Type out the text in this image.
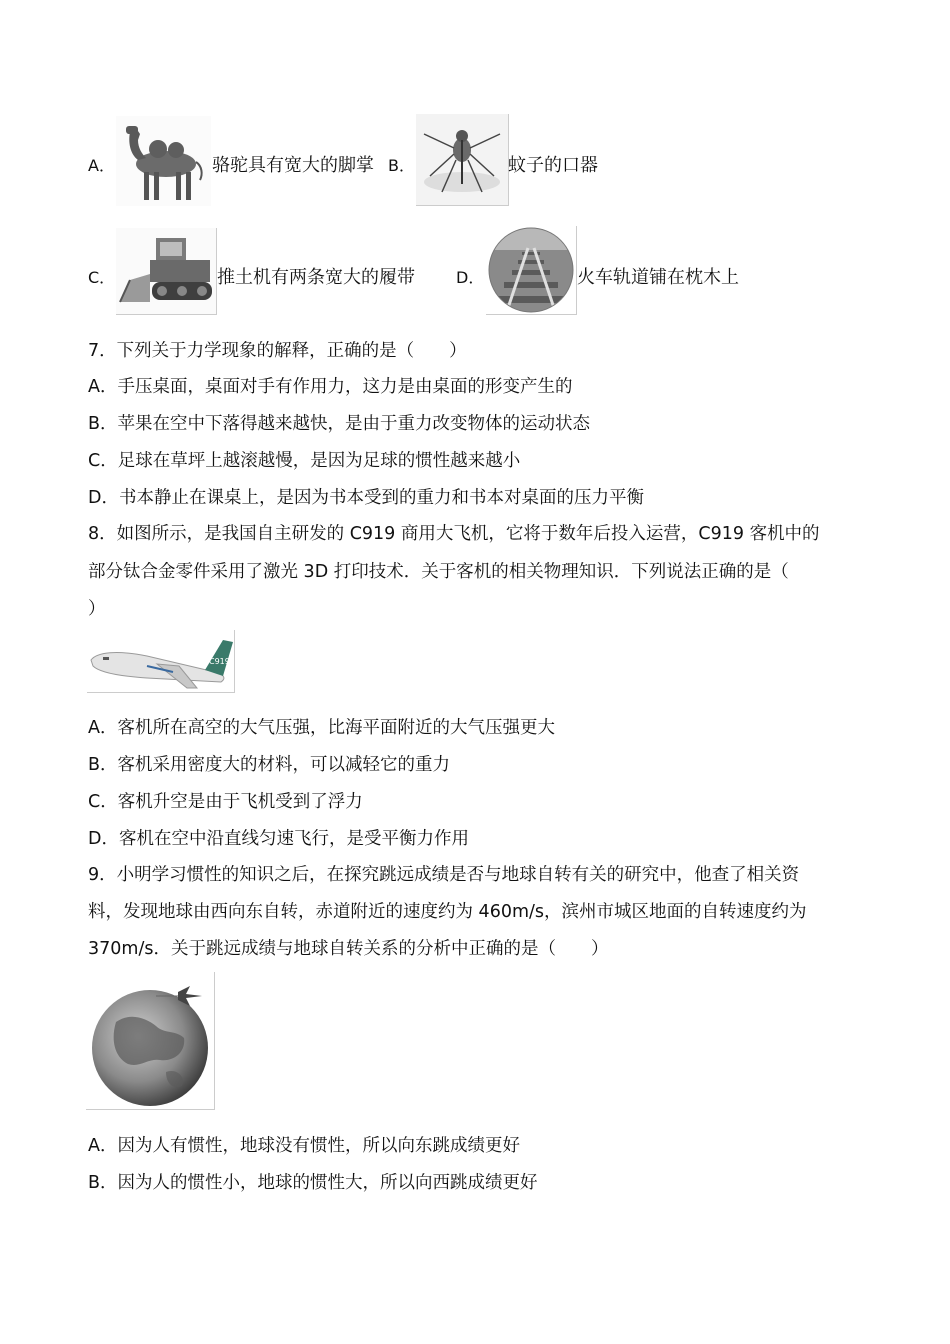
A．	骆驼具有宽大的脚掌 B．	蚊子的口器
C．	推土机有两条宽大的履带	D．	火车轨道铺在枕木上
7．下列关于力学现象的解释，正确的是（　　）
A．手压桌面，桌面对手有作用力，这力是由桌面的形变产生的
B．苹果在空中下落得越来越快，是由于重力改变物体的运动状态
C．足球在草坪上越滚越慢，是因为足球的惯性越来越小
D．书本静止在课桌上，是因为书本受到的重力和书本对桌面的压力平衡
8．如图所示，是我国自主研发的 C919 商用大飞机，它将于数年后投入运营，C919 客机中的
部分钛合金零件采用了激光 3D 打印技术．关于客机的相关物理知识．下列说法正确的是（
）
C919
A．客机所在高空的大气压强，比海平面附近的大气压强更大
B．客机采用密度大的材料，可以减轻它的重力
C．客机升空是由于飞机受到了浮力
D．客机在空中沿直线匀速飞行，是受平衡力作用
9．小明学习惯性的知识之后，在探究跳远成绩是否与地球自转有关的研究中，他查了相关资
料，发现地球由西向东自转，赤道附近的速度约为 460m/s，滨州市城区地面的自转速度约为
370m/s．关于跳远成绩与地球自转关系的分析中正确的是（　　）
A．因为人有惯性，地球没有惯性，所以向东跳成绩更好
B．因为人的惯性小，地球的惯性大，所以向西跳成绩更好
